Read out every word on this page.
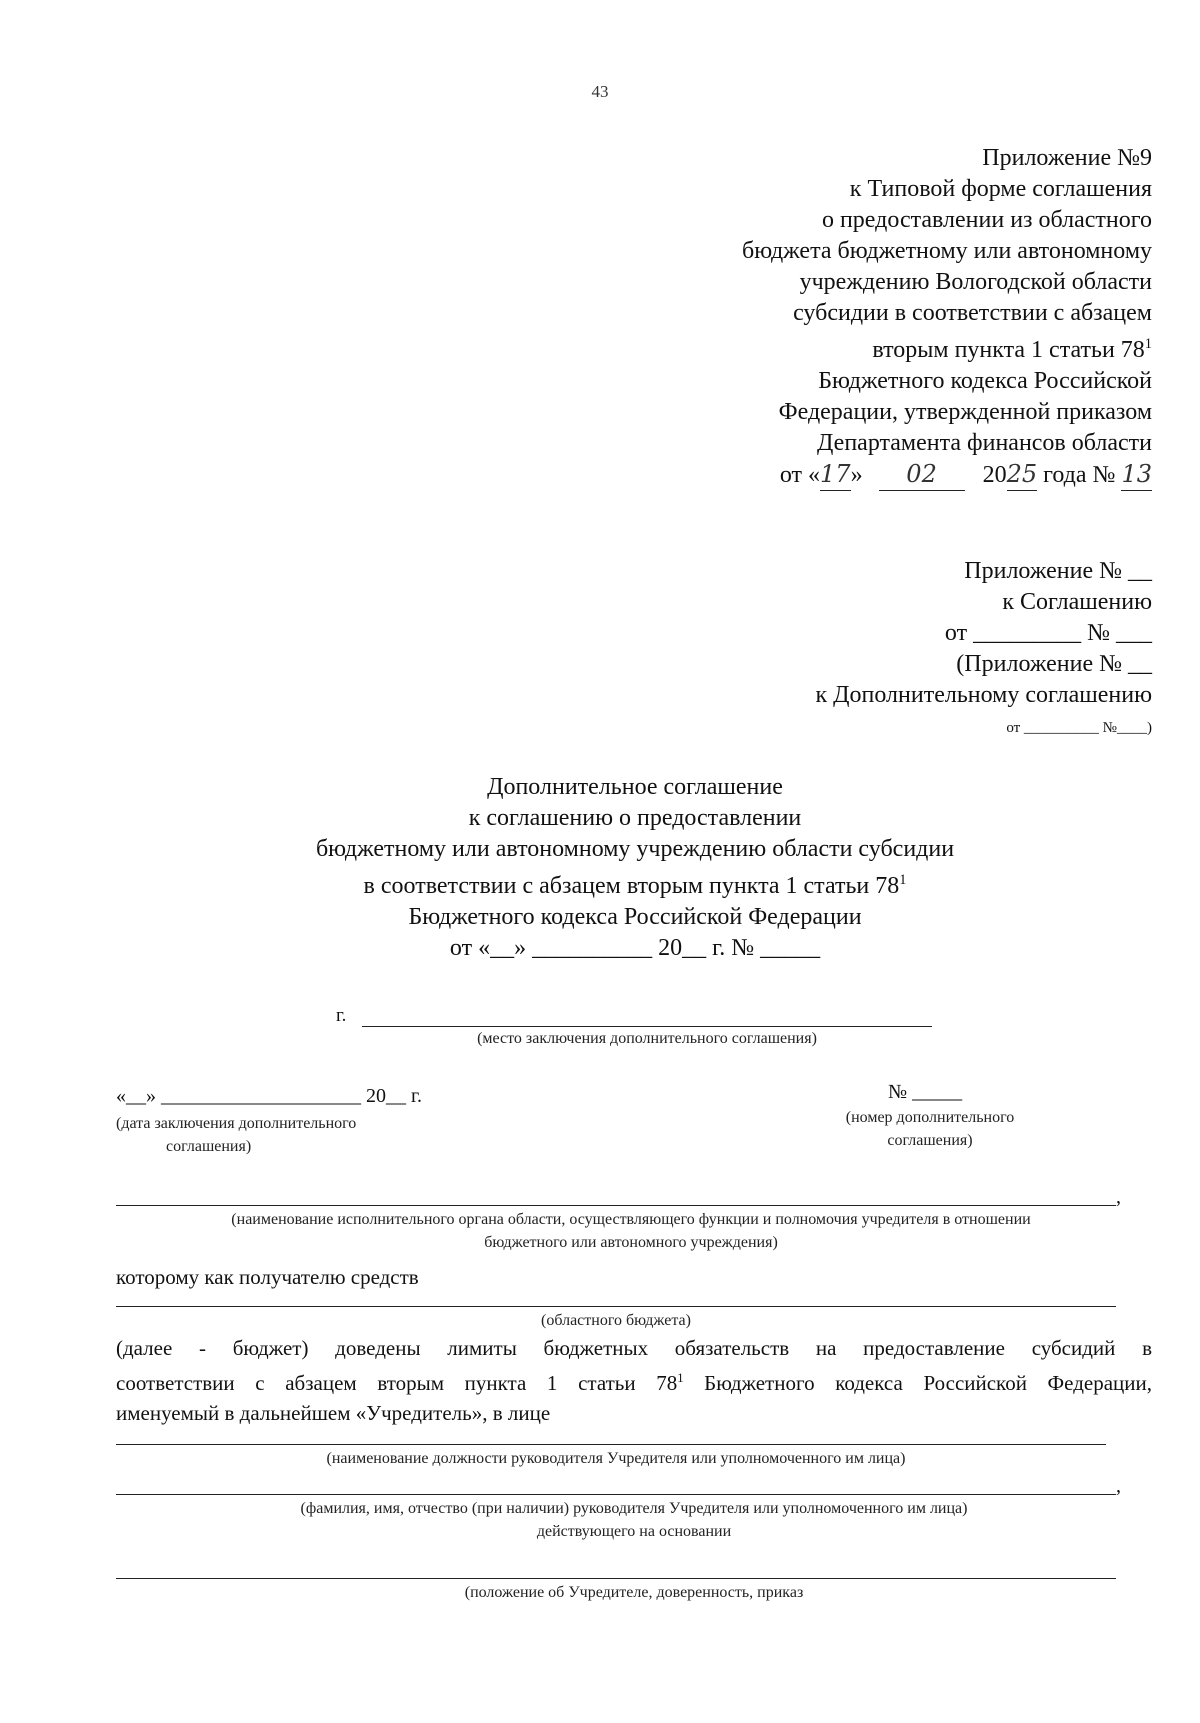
43
Приложение №9
к Типовой форме соглашения
о предоставлении из областного
бюджета бюджетному или автономному
учреждению Вологодской области
субсидии в соответствии с абзацем
вторым пункта 1 статьи $78^1$
Бюджетного кодекса Российской
Федерации, утвержденной приказом
Департамента финансов области
от «17» 02 2025 года № 13
Приложение № __
к Соглашению
от _________ № ___
(Приложение № __
к Дополнительному соглашению
от __________ №____)
Дополнительное соглашение
к соглашению о предоставлении
бюджетному или автономному учреждению области субсидии
в соответствии с абзацем вторым пункта 1 статьи $78^1$
Бюджетного кодекса Российской Федерации
от «__» __________ 20__ г. № _____
г.
(место заключения дополнительного соглашения)
«__» ____________________ 20__ г.
(дата заключения дополнительного
соглашения)
№ _____
(номер дополнительного
соглашения)
,
(наименование исполнительного органа области, осуществляющего функции и полномочия учредителя в отношении
бюджетного или автономного учреждения)
которому как получателю средств
(областного бюджета)
(далее - бюджет) доведены лимиты бюджетных обязательств на предоставление субсидий в
соответствии с абзацем вторым пункта 1 статьи $78^1$ Бюджетного кодекса Российской Федерации,
именуемый в дальнейшем «Учредитель», в лице
(наименование должности руководителя Учредителя или уполномоченного им лица)
,
(фамилия, имя, отчество (при наличии) руководителя Учредителя или уполномоченного им лица)
действующего на основании
(положение об Учредителе, доверенность, приказ
